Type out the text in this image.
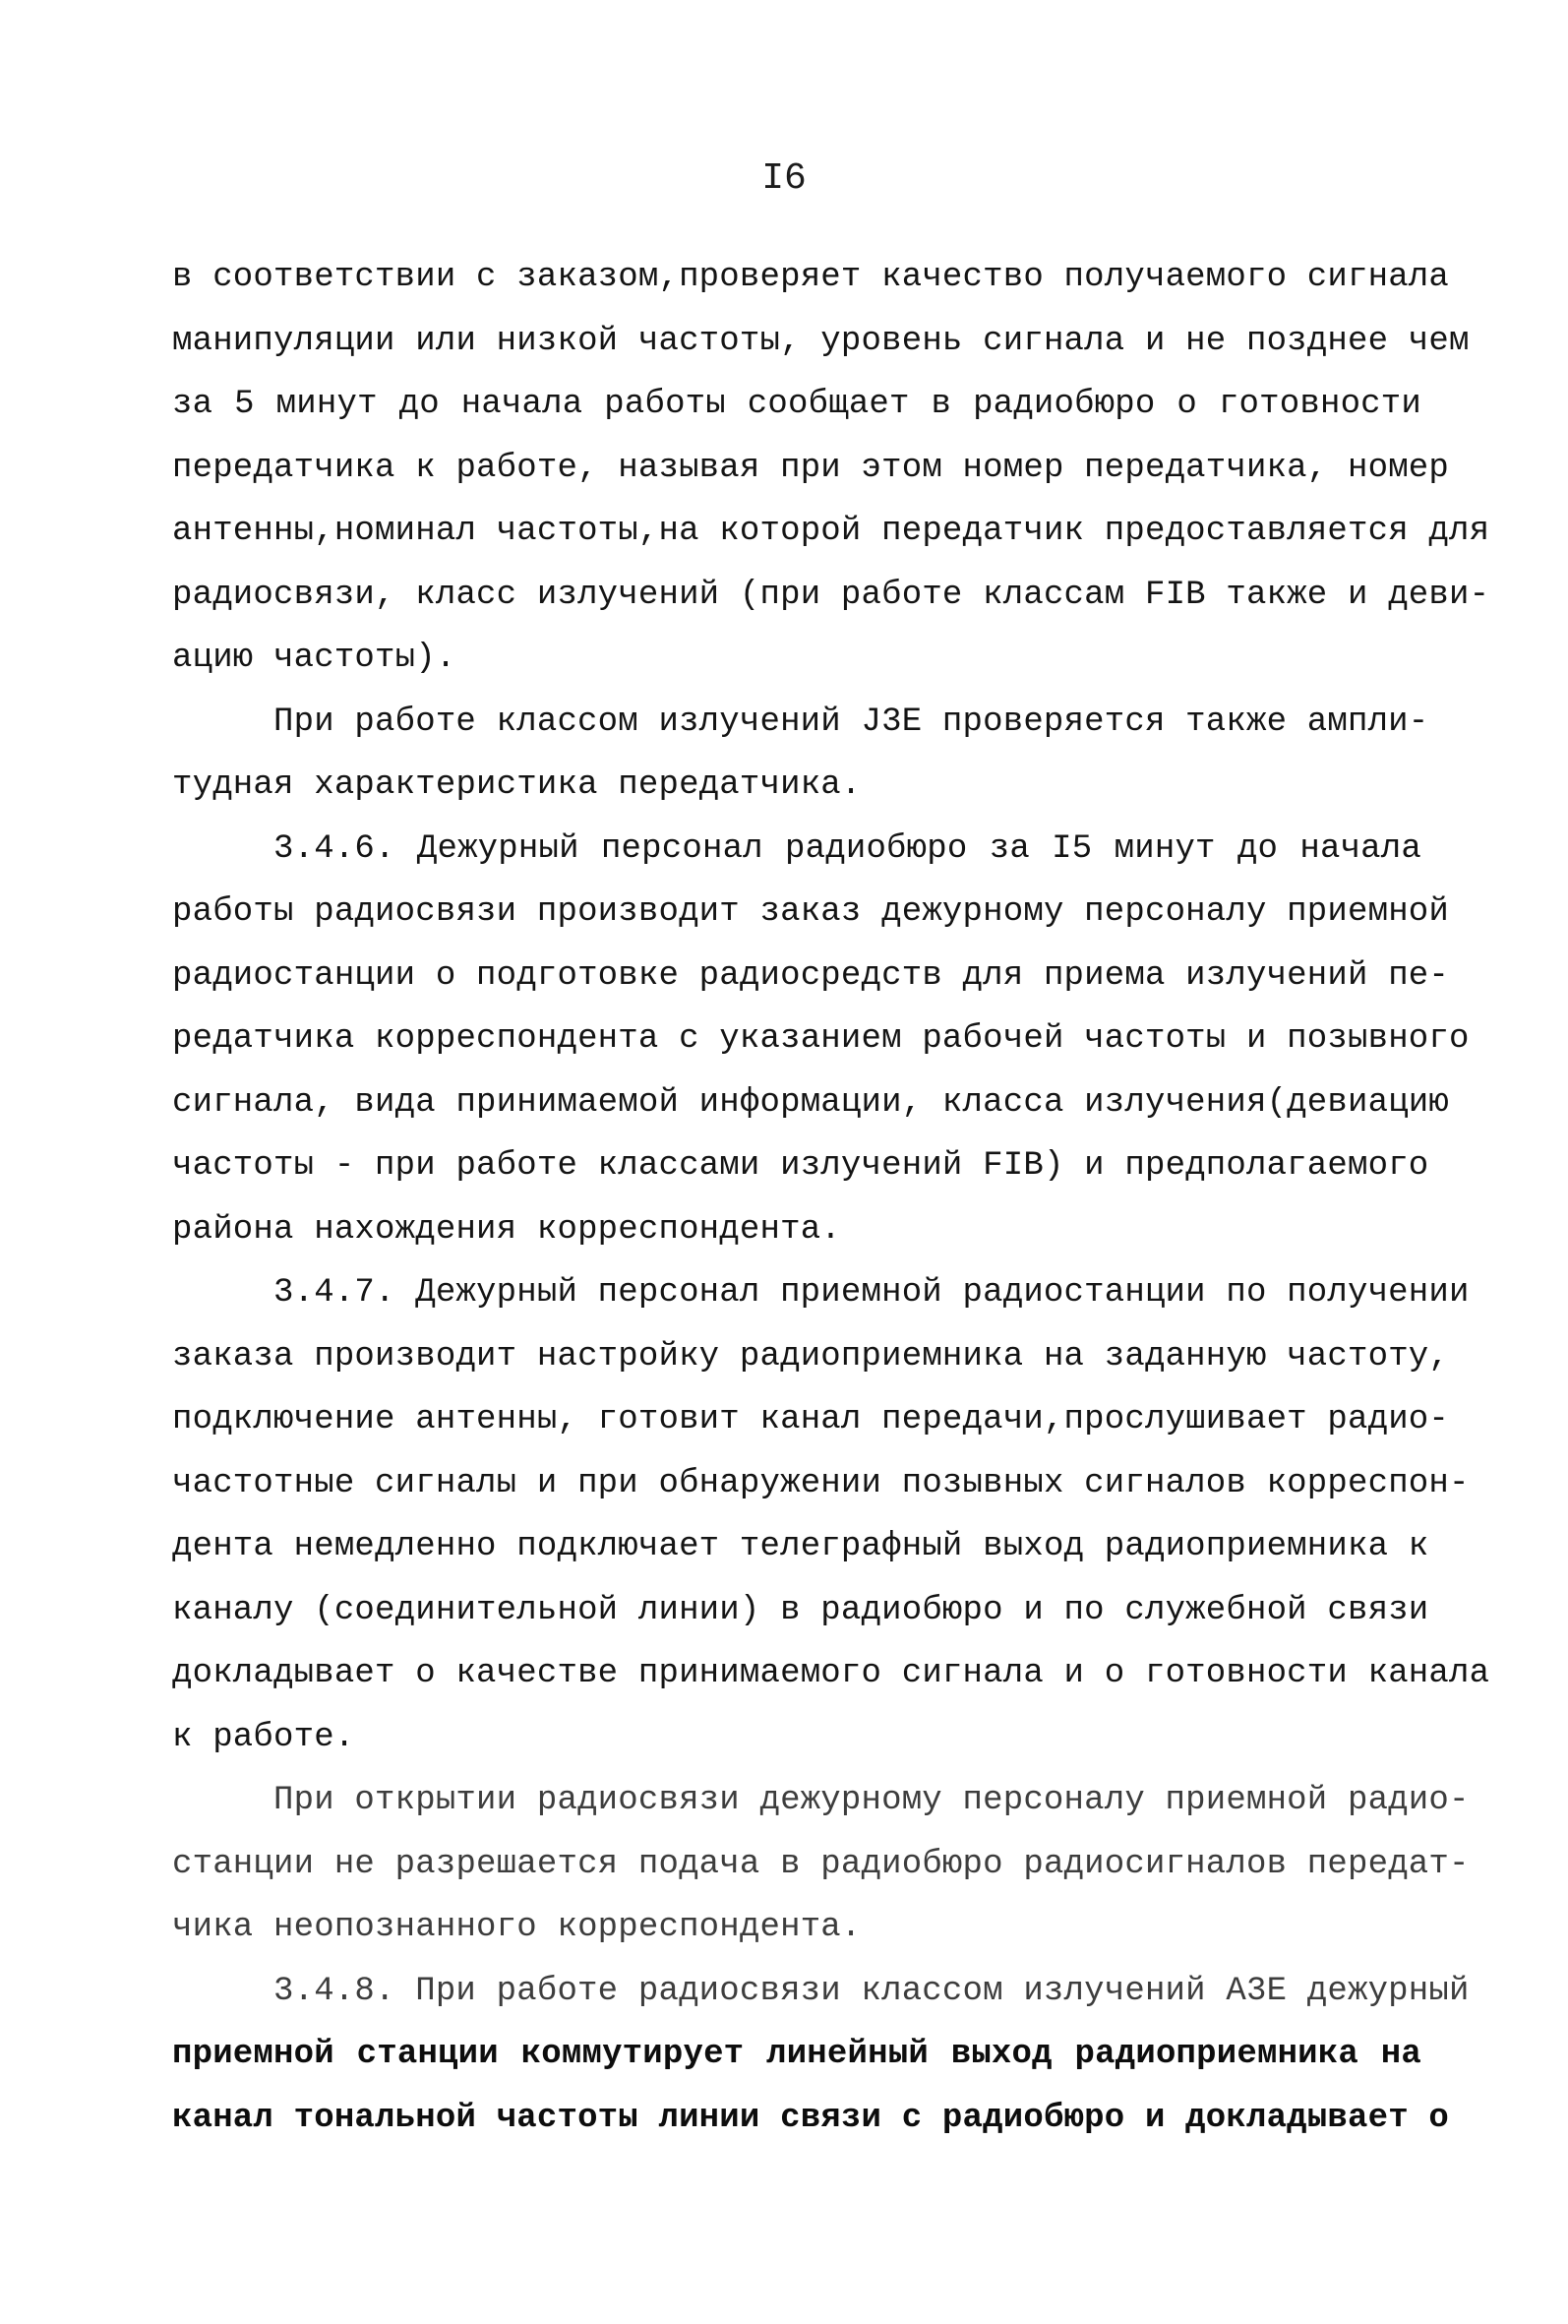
I6
в соответствии с заказом,проверяет качество получаемого сигнала
манипуляции или низкой частоты, уровень сигнала и не позднее чем
за 5 минут до начала работы сообщает в радиобюро о готовности
передатчика к работе, называя при этом номер передатчика, номер
антенны,номинал частоты,на которой передатчик предоставляется для
радиосвязи, класс излучений (при работе классам FIB также и деви-
ацию частоты).
При работе классом излучений J3E проверяется также ампли-
тудная характеристика передатчика.
3.4.6. Дежурный персонал радиобюро за I5 минут до начала
работы радиосвязи производит заказ дежурному персоналу приемной
радиостанции о подготовке радиосредств для приема излучений пе-
редатчика корреспондента с указанием рабочей частоты и позывного
сигнала, вида принимаемой информации, класса излучения(девиацию
частоты - при работе классами излучений FIB) и предполагаемого
района нахождения корреспондента.
3.4.7. Дежурный персонал приемной радиостанции по получении
заказа производит настройку радиоприемника на заданную частоту,
подключение антенны, готовит канал передачи,прослушивает радио-
частотные сигналы и при обнаружении позывных сигналов корреспон-
дента немедленно подключает телеграфный выход радиоприемника к
каналу (соединительной линии) в радиобюро и по служебной связи
докладывает о качестве принимаемого сигнала и о готовности канала
к работе.
При открытии радиосвязи дежурному персоналу приемной радио-
станции не разрешается подача в радиобюро радиосигналов передат-
чика неопознанного корреспондента.
3.4.8. При работе радиосвязи классом излучений A3E дежурный
приемной станции коммутирует линейный выход радиоприемника на
канал тональной частоты линии связи с радиобюро и докладывает о
